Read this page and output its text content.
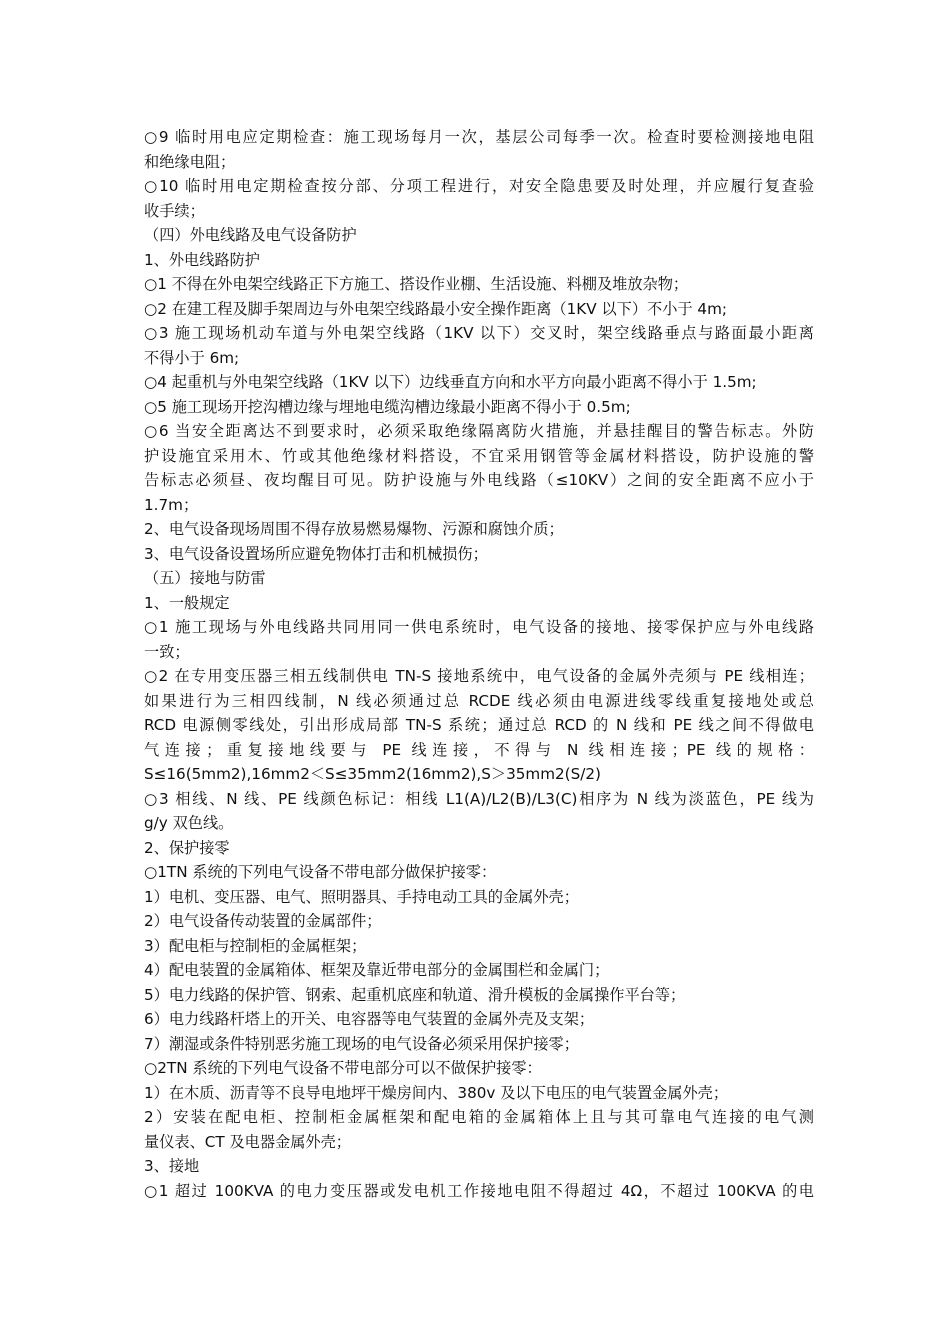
○9 临时用电应定期检查：施工现场每月一次，基层公司每季一次。检查时要检测接地电阻
和绝缘电阻；
○10 临时用电定期检查按分部、分项工程进行，对安全隐患要及时处理，并应履行复查验
收手续；
（四）外电线路及电气设备防护
1、外电线路防护
○1 不得在外电架空线路正下方施工、搭设作业棚、生活设施、料棚及堆放杂物；
○2 在建工程及脚手架周边与外电架空线路最小安全操作距离（1KV 以下）不小于 4m;
○3 施工现场机动车道与外电架空线路（1KV 以下）交叉时，架空线路垂点与路面最小距离
不得小于 6m;
○4 起重机与外电架空线路（1KV 以下）边线垂直方向和水平方向最小距离不得小于 1.5m;
○5 施工现场开挖沟槽边缘与埋地电缆沟槽边缘最小距离不得小于 0.5m;
○6 当安全距离达不到要求时，必须采取绝缘隔离防火措施，并悬挂醒目的警告标志。外防
护设施宜采用木、竹或其他绝缘材料搭设，不宜采用钢管等金属材料搭设，防护设施的警
告标志必须昼、夜均醒目可见。防护设施与外电线路（≤10KV）之间的安全距离不应小于
1.7m；
2、电气设备现场周围不得存放易燃易爆物、污源和腐蚀介质；
3、电气设备设置场所应避免物体打击和机械损伤；
（五）接地与防雷
1、一般规定
○1 施工现场与外电线路共同用同一供电系统时，电气设备的接地、接零保护应与外电线路
一致；
○2 在专用变压器三相五线制供电 TN-S 接地系统中，电气设备的金属外壳须与 PE 线相连；
如果进行为三相四线制，N 线必须通过总 RCDE 线必须由电源进线零线重复接地处或总
RCD 电源侧零线处，引出形成局部 TN-S 系统；通过总 RCD 的 N 线和 PE 线之间不得做电
气连接；重复接地线要与 PE 线连接，不得与 N 线相连接；PE 线的规格：
S≤16(5mm2),16mm2＜S≤35mm2(16mm2),S＞35mm2(S/2)
○3 相线、N 线、PE 线颜色标记：相线 L1(A)/L2(B)/L3(C)相序为 N 线为淡蓝色，PE 线为
g/y 双色线。
2、保护接零
○1TN 系统的下列电气设备不带电部分做保护接零：
1）电机、变压器、电气、照明器具、手持电动工具的金属外壳；
2）电气设备传动装置的金属部件；
3）配电柜与控制柜的金属框架；
4）配电装置的金属箱体、框架及靠近带电部分的金属围栏和金属门；
5）电力线路的保护管、钢索、起重机底座和轨道、滑升模板的金属操作平台等；
6）电力线路杆塔上的开关、电容器等电气装置的金属外壳及支架；
7）潮湿或条件特别恶劣施工现场的电气设备必须采用保护接零；
○2TN 系统的下列电气设备不带电部分可以不做保护接零：
1）在木质、沥青等不良导电地坪干燥房间内、380v 及以下电压的电气装置金属外壳；
2）安装在配电柜、控制柜金属框架和配电箱的金属箱体上且与其可靠电气连接的电气测
量仪表、CT 及电器金属外壳；
3、接地
○1 超过 100KVA 的电力变压器或发电机工作接地电阻不得超过 4Ω，不超过 100KVA 的电
